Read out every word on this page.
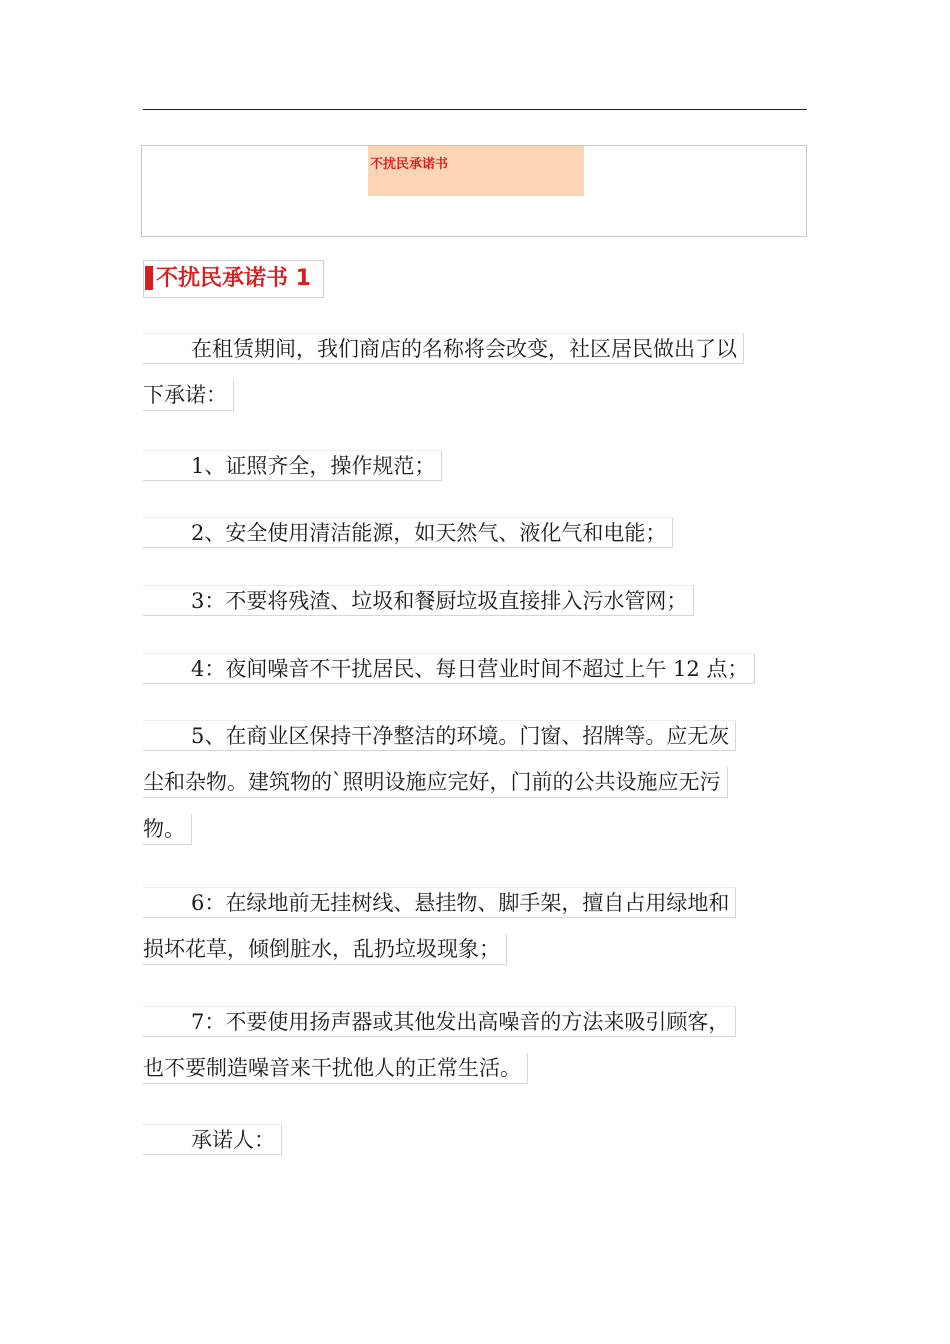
不扰民承诺书
不扰民承诺书 1
在租赁期间，我们商店的名称将会改变，社区居民做出了以
下承诺：
1、证照齐全，操作规范；
2、安全使用清洁能源，如天然气、液化气和电能；
3：不要将残渣、垃圾和餐厨垃圾直接排入污水管网；
4：夜间噪音不干扰居民、每日营业时间不超过上午 12 点；
5、在商业区保持干净整洁的环境。门窗、招牌等。应无灰
尘和杂物。建筑物的`照明设施应完好，门前的公共设施应无污
物。
6：在绿地前无挂树线、悬挂物、脚手架，擅自占用绿地和
损坏花草，倾倒脏水，乱扔垃圾现象；
7：不要使用扬声器或其他发出高噪音的方法来吸引顾客，
也不要制造噪音来干扰他人的正常生活。
承诺人：
